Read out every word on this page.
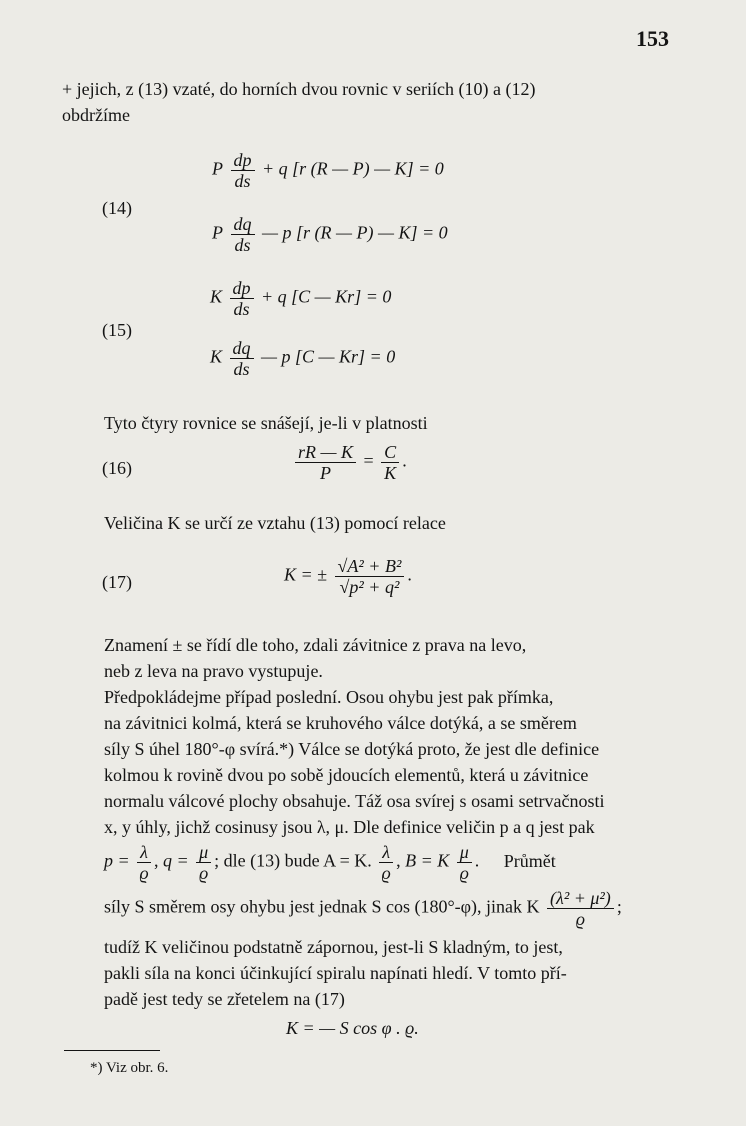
153
+ jejich, z (13) vzaté, do horních dvou rovnic v seriích (10) a (12)
obdržíme
(14)
P $\frac{dp}{ds} + q$ [r (R — P) — K] = 0
P $\frac{dq}{ds}$ — p [r (R — P) — K] = 0
(15)
K $\frac{dp}{ds} + q$ [C — Kr] = 0
K $\frac{dq}{ds}$ — p [C — Kr] = 0
Tyto čtyry rovnice se snášejí, je-li v platnosti
(16)	$\frac{rR — K}{P} = \frac{C}{K}$ .
Veličina K se určí ze vztahu (13) pomocí relace
(17)	K = ± $\frac{\text{√A² + B²}}{\text{√p² + q²}}$ .
Znamení ± se řídí dle toho, zdali závitnice z prava na levo,
neb z leva na pravo vystupuje.
Předpokládejme případ poslední. Osou ohybu jest pak přímka,
na závitnici kolmá, která se kruhového válce dotýká, a se směrem
síly S úhel 180°-φ svírá.*) Válce se dotýká proto, že jest dle definice
kolmou k rovině dvou po sobě jdoucích elementů, která u závitnice
normalu válcové plochy obsahuje. Táž osa svírej s osami setrvačnosti
x, y úhly, jichž cosinusy jsou λ, μ. Dle definice veličin p a q jest pak
$p = \frac{\lambda}{ϱ}$ , $q = \frac{\mu}{ϱ}$ ; dle (13) bude A = K. $\frac{\lambda}{ϱ}$ , B = K $\frac{\mu}{ϱ}$ . Průmět
síly S směrem osy ohybu jest jednak S cos (180°-φ), jinak K $\frac{\text{(λ² + μ²)}}{ϱ}$ ;
tudíž K veličinou podstatně zápornou, jest-li S kladným, to jest,
pakli síla na konci účinkující spiralu napínati hledí. V tomto pří-
padě jest tedy se zřetelem na (17)
K = — S cos φ . ϱ.
*) Viz obr. 6.
